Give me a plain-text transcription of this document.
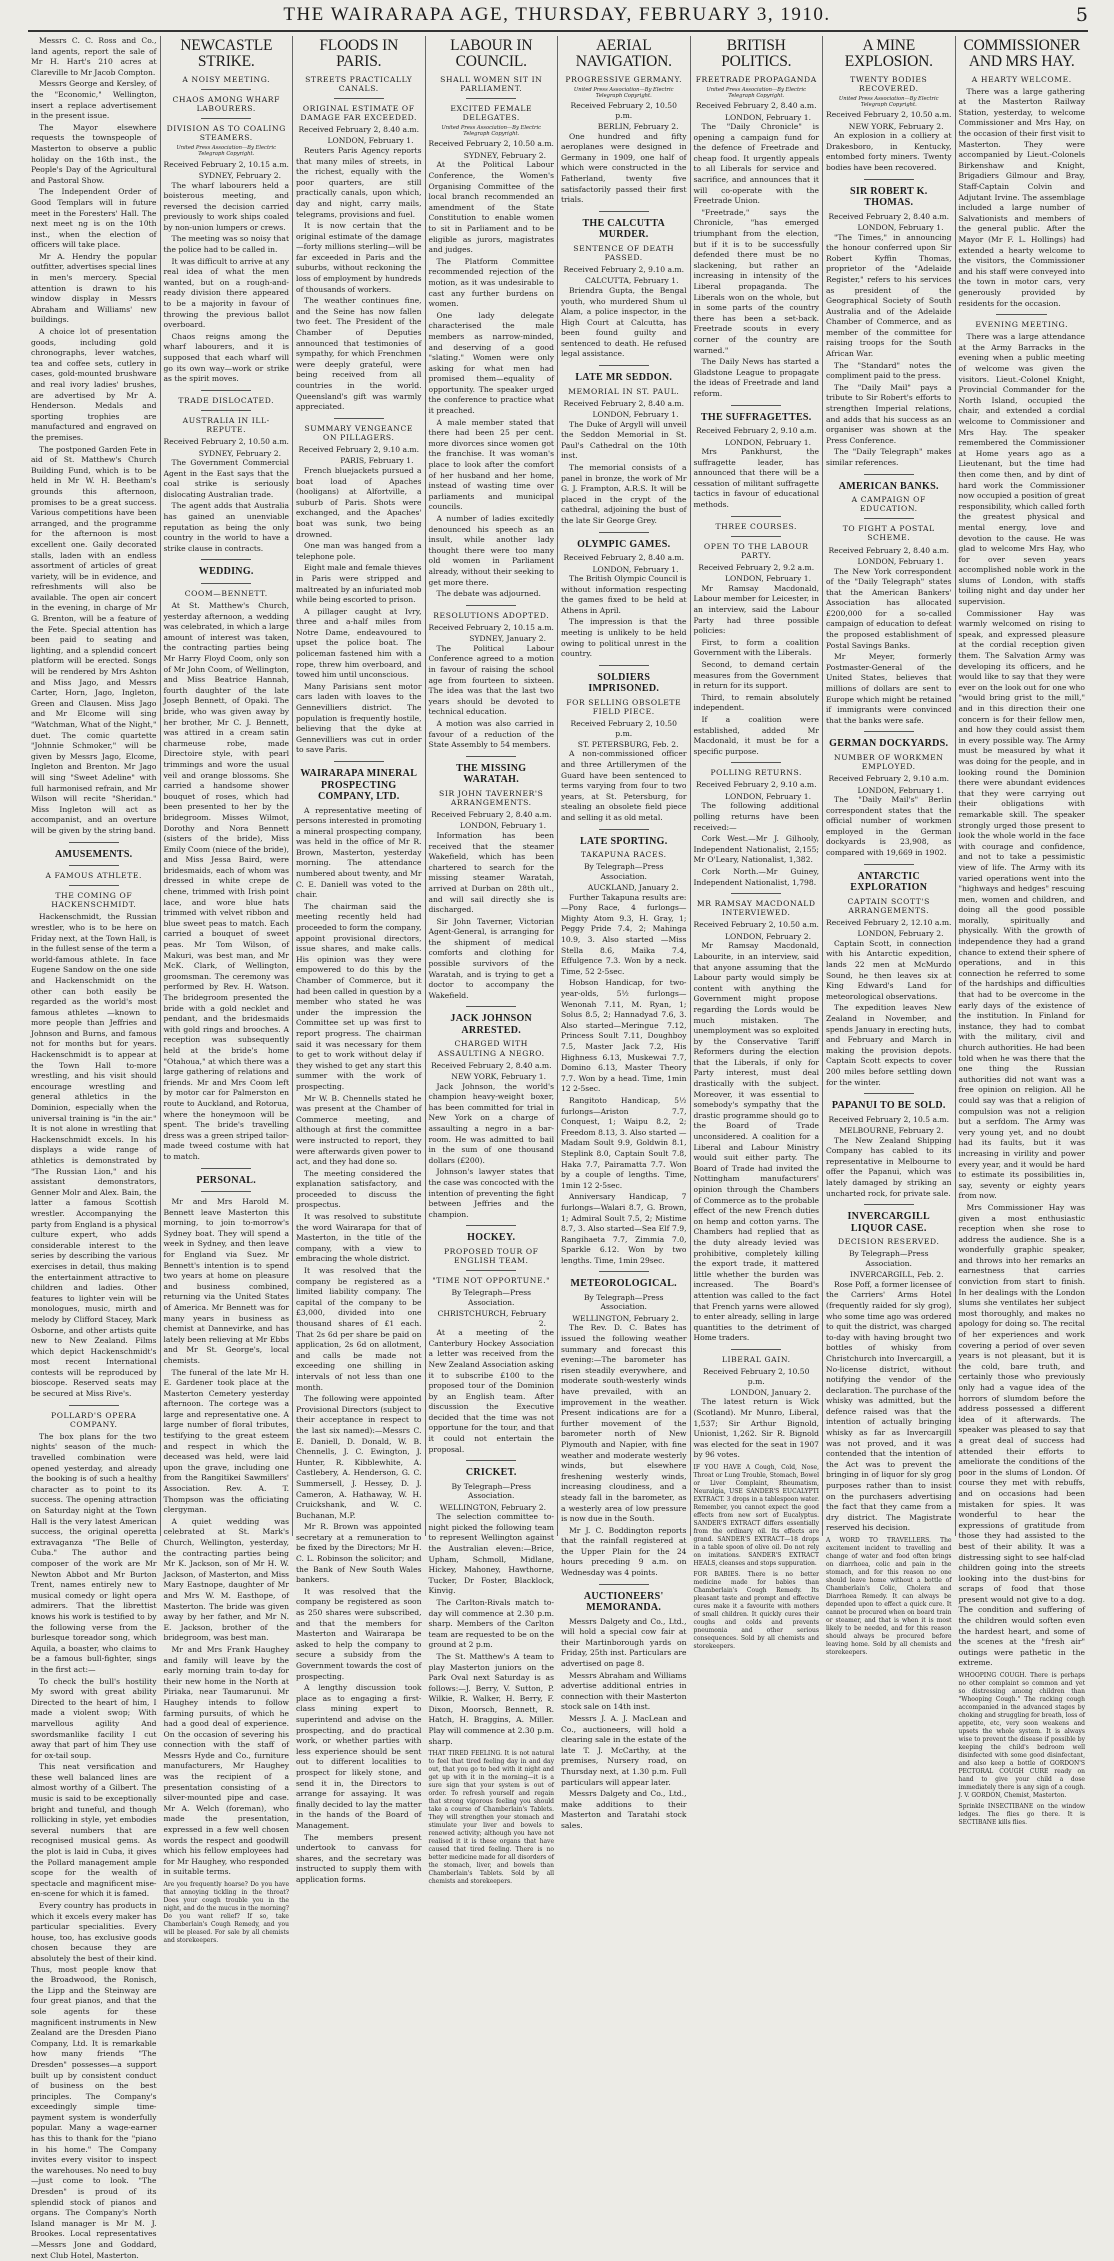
THE WAIRARAPA AGE, THURSDAY, FEBRUARY 3, 1910.	5

Messrs C. C. Ross and Co., land agents, report the sale of Mr H. Hart's 210 acres at Clareville to Mr Jacob Compton.

Messrs George and Kersley, of the "Economic," Wellington, insert a replace advertisement in the present issue.

The Mayor elsewhere requests the townspeople of Masterton to observe a public holiday on the 16th inst., the People's Day of the Agricultural and Pastoral Show.

The Independent Order of Good Templars will in future meet in the Foresters' Hall. The next meet ng is on the 10th inst., when the election of officers will take place.

Mr A. Hendry the popular outfitter, advertises special lines in men's mercery. Special attention is drawn to his window display in Messrs Abraham and Williams' new buildings.

A choice lot of presentation goods, including gold chronographs, lever watches, tea and coffee sets, cutlery in cases, gold-mounted brushware and real ivory ladies' brushes, are advertised by Mr A. Henderson. Medals and sporting trophies are manufactured and engraved on the premises.

The postponed Garden Fete in aid of St. Matthew's Church Building Fund, which is to be held in Mr W. H. Beetham's grounds this afternoon, promises to be a great success. Various competitions have been arranged, and the programme for the afternoon is most excellent one. Gaily decorated stalls, laden with an endless assortment of articles of great variety, will be in evidence, and refreshments will also be available. The open air concert in the evening, in charge of Mr G. Brenton, will be a feature of the Fete. Special attention has been paid to seating and lighting, and a splendid concert platform will be erected. Songs will be rendered by Mrs Ashton and Miss Jago, and Messrs Carter, Horn, Jago, Ingleton, Green and Clausen. Miss Jago and Mr Elcome will sing "Watchman, What of the Night," duet. The comic quartette "Johnnie Schmoker," will be given by Messrs Jago, Elcome, Ingleton and Brenton. Mr Jago will sing "Sweet Adeline" with full harmonised refrain, and Mr Wilson will recite "Sheridan." Miss Ingleton will act as accompanist, and an overture will be given by the string band.

AMUSEMENTS.
A FAMOUS ATHLETE.
THE COMING OF HACKENSCHMIDT.

Hackenschmidt, the Russian wrestler, who is to be here on Friday next, at the Town Hall, is in the fullest sense of the term a world-famous athlete. In face Eugene Sandow on the one side and Hackenschmidt on the other can both easily be regarded as the world's most famous athletes —known to more people than Jeffries and Johnson and Burns, and famous not for months but for years. Hackenschmidt is to appear at the Town Hall to-more wrestling, and his visit should encourage wrestling and general athletics in the Dominion, especially when the universal training is "in the air." It is not alone in wrestling that Hackenschmidt excels. In his displays a wide range of athletics is demonstrated by "The Russian Lion," and his assistant demonstrators, Genner Molr and Alex. Bain, the latter a famous Scottish wrestler. Accompanying the party from England is a physical culture expert, who adds considerable interest to the series by describing the various exercises in detail, thus making the entertainment attractive to children and ladies. Other features to lighter vein will be monologues, music, mirth and melody by Clifford Stacey, Mark Osborne, and other artists quite new to New Zealand. Films which depict Hackenschmidt's most recent International contests will be reproduced by bioscope. Reserved seats may be secured at Miss Rive's.

POLLARD'S OPERA COMPANY.

The box plans for the two nights' season of the much-travelled combination were opened yesterday, and already the booking is of such a healthy character as to point to its success. The opening attraction on Saturday night at the Town Hall is the very latest American success, the original operetta extravaganza "The Belle of Cuba." The author and composer of the work are Mr Newton Abbot and Mr Burton Trent, names entirely new to musical comedy or light opera admirers. That the librettist knows his work is testified to by the following verse from the burlesque toreador song, which Aquila, a boaster, who claims to be a famous bull-fighter, sings in the first act:—

To check the bull's hostility My sword with great ability Directed to the heart of him, I made a violent swop; With marvellous agility And swordsmanlike facility I cut away that part of him They use for ox-tail soup.

This neat versification and these well balanced lines are almost worthy of a Gilbert. The music is said to be exceptionally bright and tuneful, and though rollicking in style, yet embodies several numbers that are recognised musical gems. As the plot is laid in Cuba, it gives the Pollard management ample scope for the wealth of spectacle and magnificent mise-en-scene for which it is famed.

Every country has products in which it excels every maker has particular specialities. Every house, too, has exclusive goods chosen because they are absolutely the best of their kind. Thus, most people know that the Broadwood, the Ronisch, the Lipp and the Steinway are four great pianos, and that the sole agents for these magnificent instruments in New Zealand are the Dresden Piano Company, Ltd. It is remarkable how many friends "The Dresden" possesses—a support built up by consistent conduct of business on the best principles. The Company's exceedingly simple time-payment system is wonderfully popular. Many a wage-earner has this to thank for the "piano in his home." The Company invites every visitor to inspect the warehouses. No need to buy—just come to look. "The Dresden" is proud of its splendid stock of pianos and organs. The Company's North Island manager is Mr M. J. Brookes. Local representatives—Messrs Jone and Goddard, next Club Hotel, Masterton.

NEWCASTLE STRIKE.
A NOISY MEETING.
CHAOS AMONG WHARF LABOURERS.
DIVISION AS TO COALING STEAMERS.
United Press Association—By Electric Telegraph Copyright.
Received February 2, 10.15 a.m.
SYDNEY, February 2.

The wharf labourers held a boisterous meeting, and reversed the decision carried previously to work ships coaled by non-union lumpers or crews.

The meeting was so noisy that the police had to be called in.

It was difficult to arrive at any real idea of what the men wanted, but on a rough-and-ready division there appeared to be a majority in favour of throwing the previous ballot overboard.

Chaos reigns among the wharf labourers, and it is supposed that each wharf will go its own way—work or strike as the spirit moves.

TRADE DISLOCATED.
AUSTRALIA IN ILL-REPUTE.
Received February 2, 10.50 a.m.
SYDNEY, February 2.

The Government Commercial Agent in the East says that the coal strike is seriously dislocating Australian trade.

The agent adds that Australia has gained an unenviable reputation as being the only country in the world to have a strike clause in contracts.

WEDDING.
COOM—BENNETT.

At St. Matthew's Church, yesterday afternoon, a wedding was celebrated, in which a large amount of interest was taken, the contracting parties being Mr Harry Floyd Coom, only son of Mr John Coom, of Wellington, and Miss Beatrice Hannah, fourth daughter of the late Joseph Bennett, of Opaki. The bride, who was given away by her brother, Mr C. J. Bennett, was attired in a cream satin charmeuse robe, made Directoire style, with pearl trimmings and wore the usual veil and orange blossoms. She carried a handsome shower bouquet of roses, which had been presented to her by the bridegroom. Misses Wilmot, Dorothy and Nora Bennett (sisters of the bride), Miss Emily Coom (niece of the bride), and Miss Jessa Baird, were bridesmaids, each of whom was dressed in white crepe de chene, trimmed with Irish point lace, and wore blue hats trimmed with velvet ribbon and blue sweet peas to match. Each carried a bouquet of sweet peas. Mr Tom Wilson, of Makuri, was best man, and Mr McK. Clark, of Wellington, groomsman. The ceremony was performed by Rev. H. Watson. The bridegroom presented the bride with a gold necklet and pendant, and the bridesmaids with gold rings and brooches. A reception was subsequently held at the bride's home "Otahoua," at which there was a large gathering of relations and friends. Mr and Mrs Coom left by motor car for Palmerston en route to Auckland, and Rotorua, where the honeymoon will be spent. The bride's travelling dress was a green striped tailor-made tweed costume with hat to match.

PERSONAL.

Mr and Mrs Harold M. Bennett leave Masterton this morning, to join to-morrow's Sydney boat. They will spend a week in Sydney, and then leave for England via Suez. Mr Bennett's intention is to spend two years at home on pleasure and business combined, returning via the United States of America. Mr Bennett was for many years in business as chemist at Dannevirke, and has lately been relieving at Mr Ebbs and Mr St. George's, local chemists.

The funeral of the late Mr H. E. Gardener took place at the Masterton Cemetery yesterday afternoon. The cortege was a large and representative one. A large number of floral tributes, testifying to the great esteem and respect in which the deceased was held, were laid upon the grave, including one from the Rangitikei Sawmillers' Association. Rev. A. T. Thompson was the officiating clergyman.

A quiet wedding was celebrated at St. Mark's Church, Wellington, yesterday, the contracting parties being Mr K. Jackson, son of Mr H. W. Jackson, of Masterton, and Miss Mary Eastnope, daughter of Mr and Mrs W. M. Easthope, of Masterton. The bride was given away by her father, and Mr N. E. Jackson, brother of the bridegroom, was best man.

Mr and Mrs Frank Haughey and family will leave by the early morning train to-day for their new home in the North at Piriaka, near Taumarunui. Mr Haughey intends to follow farming pursuits, of which he had a good deal of experience. On the occasion of severing his connection with the staff of Messrs Hyde and Co., furniture manufacturers, Mr Haughey was the recipient of a presentation consisting of a silver-mounted pipe and case. Mr A. Welch (foreman), who made the presentation, expressed in a few well chosen words the respect and goodwill which his fellow employees had for Mr Haughey, who responded in suitable terms.

Are you frequently hoarse? Do you have that annoying tickling in the throat? Does your cough trouble you in the night, and do the mucus in the morning? Do you want relief? If so, take Chamberlain's Cough Remedy, and you will be pleased. For sale by all chemists and storekeepers.
FLOODS IN PARIS.
STREETS PRACTICALLY CANALS.
ORIGINAL ESTIMATE OF DAMAGE FAR EXCEEDED.
Received February 2, 8.40 a.m.
LONDON, February 1.

Reuters Paris Agency reports that many miles of streets, in the richest, equally with the poor quarters, are still practically canals, upon which, day and night, carry mails, telegrams, provisions and fuel.

It is now certain that the original estimate of the damage—forty millions sterling—will be far exceeded in Paris and the suburbs, without reckoning the loss of employment by hundreds of thousands of workers.

The weather continues fine, and the Seine has now fallen two feet. The President of the Chamber of Deputies announced that testimonies of sympathy, for which Frenchmen were deeply grateful, were being received from all countries in the world. Queensland's gift was warmly appreciated.

SUMMARY VENGEANCE ON PILLAGERS.
Received February 2, 9.10 a.m.
PARIS, February 1.

French bluejackets pursued a boat load of Apaches (hooligans) at Alfortville, a suburb of Paris. Shots were exchanged, and the Apaches' boat was sunk, two being drowned.

One man was hanged from a telephone pole.

Eight male and female thieves in Paris were stripped and maltreated by an infuriated mob while being escorted to prison.

A pillager caught at Ivry, three and a-half miles from Notre Dame, endeavoured to upset the police boat. The policeman fastened him with a rope, threw him overboard, and towed him until unconscious.

Many Parisians sent motor cars laden with loaves to the Gennevilliers district. The population is frequently hostile, believing that the dyke at Gennevilliers was cut in order to save Paris.

WAIRARAPA MINERAL PROSPECTING COMPANY, LTD.

A representative meeting of persons interested in promoting a mineral prospecting company, was held in the office of Mr R. Brown, Masterton, yesterday morning. The attendance numbered about twenty, and Mr C. E. Daniell was voted to the chair.

The chairman said the meeting recently held had proceeded to form the company, appoint provisional directors, issue shares, and make calls. His opinion was they were empowered to do this by the Chamber of Commerce, but it had been called in question by a member who stated he was under the impression the Committee set up was first to report progress. The chairman said it was necessary for them to get to work without delay if they wished to get any start this summer with the work of prospecting.

Mr W. B. Chennells stated he was present at the Chamber of Commerce meeting, and although at first the committee were instructed to report, they were afterwards given power to act, and they had done so.

The meeting considered the explanation satisfactory, and proceeded to discuss the prospectus.

It was resolved to substitute the word Wairarapa for that of Masterton, in the title of the company, with a view to embracing the whole district.

It was resolved that the company be registered as a limited liability company. The capital of the company to be £3,000, divided into one thousand shares of £1 each. That 2s 6d per share be paid on application, 2s 6d on allotment, and calls be made not exceeding one shilling in intervals of not less than one month.

The following were appointed Provisional Directors (subject to their acceptance in respect to the last six named):—Messrs C. E. Daniell, D. Donald, W. B. Chennells, J. C. Ewington, J. Hunter, R. Kibblewhite, A. Castlebery, A. Henderson, G. C. Summersell, J. Hessey, D. J. Cameron, A. Hathaway, W. H. Cruickshank, and W. C. Buchanan, M.P.

Mr R. Brown was appointed secretary at a remuneration to be fixed by the Directors; Mr H. C. L. Robinson the solicitor; and the Bank of New South Wales bankers.

It was resolved that the company be registered as soon as 250 shares were subscribed, and that the members for Masterton and Wairarapa be asked to help the company to secure a subsidy from the Government towards the cost of prospecting.

A lengthy discussion took place as to engaging a first-class mining expert to superintend and advise on the prospecting, and do practical work, or whether parties with less experience should be sent out to different localities to prospect for likely stone, and send it in, the Directors to arrange for assaying. It was finally decided to lay the matter in the hands of the Board of Management.

The members present undertook to canvass for shares, and the secretary was instructed to supply them with application forms.

LABOUR IN COUNCIL.
SHALL WOMEN SIT IN PARLIAMENT.
EXCITED FEMALE DELEGATES.
United Press Association—By Electric Telegraph Copyright.
Received February 2, 10.50 a.m.
SYDNEY, February 2.

At the Political Labour Conference, the Women's Organising Committee of the local branch recommended an amendment of the State Constitution to enable women to sit in Parliament and to be eligible as jurors, magistrates and judges.

The Platform Committee recommended rejection of the motion, as it was undesirable to cast any further burdens on women.

One lady delegate characterised the male members as narrow-minded, and deserving of a good "slating." Women were only asking for what men had promised them—equality of opportunity. The speaker urged the conference to practice what it preached.

A male member stated that there had been 25 per cent. more divorces since women got the franchise. It was woman's place to look after the comfort of her husband and her home, instead of wasting time over parliaments and municipal councils.

A number of ladies excitedly denounced his speech as an insult, while another lady thought there were too many old women in Parliament already, without their seeking to get more there.

The debate was adjourned.

RESOLUTIONS ADOPTED.
Received February 2, 10.15 a.m.
SYDNEY, January 2.

The Political Labour Conference agreed to a motion in favour of raising the school age from fourteen to sixteen. The idea was that the last two years should be devoted to technical education.

A motion was also carried in favour of a reduction of the State Assembly to 54 members.

THE MISSING WARATAH.
SIR JOHN TAVERNER'S ARRANGEMENTS.
Received February 2, 8.40 a.m.
LONDON, February 1.

Information has been received that the steamer Wakefield, which has been chartered to search for the missing steamer Waratah, arrived at Durban on 28th ult., and will sail directly she is discharged.

Sir John Taverner, Victorian Agent-General, is arranging for the shipment of medical comforts and clothing for possible survivors of the Waratah, and is trying to get a doctor to accompany the Wakefield.

JACK JOHNSON ARRESTED.
CHARGED WITH ASSAULTING A NEGRO.
Received February 2, 8.40 a.m.
NEW YORK, February 1.

Jack Johnson, the world's champion heavy-weight boxer, has been committed for trial in New York on a charge of assaulting a negro in a bar-room. He was admitted to bail in the sum of one thousand dollars (£200).

Johnson's lawyer states that the case was concocted with the intention of preventing the fight between Jeffries and the champion.

HOCKEY.
PROPOSED TOUR OF ENGLISH TEAM.
"TIME NOT OPPORTUNE."
By Telegraph—Press Association.
CHRISTCHURCH, February 2.

At a meeting of the Canterbury Hockey Association a letter was received from the New Zealand Association asking it to subscribe £100 to the proposed tour of the Dominion by an English team. After discussion the Executive decided that the time was not opportune for the tour, and that it could not entertain the proposal.

CRICKET.
By Telegraph—Press Association.
WELLINGTON, February 2.

The selection committee to-night picked the following team to represent Wellington against the Australian eleven:—Brice, Upham, Schmoll, Midlane, Hickey, Mahoney, Hawthorne, Tucker, Dr Foster, Blacklock, Kinvig.

The Carlton-Rivals match to-day will commence at 2.30 p.m. sharp. Members of the Carlton team are requested to be on the ground at 2 p.m.

The St. Matthew's A team to play Masterton juniors on the Park Oval next Saturday is as follows:—J. Berry, V. Sutton, P. Wilkie, R. Walker, H. Berry, F. Dixon, Moorsch, Bennett, R. Hatch, H. Braggins, A. Miller. Play will commence at 2.30 p.m. sharp.

THAT TIRED FEELING. It is not natural to feel that tired feeling day in and day out, that you go to bed with it night and get up with it in the morning—it is a sure sign that your system is out of order. To refresh yourself and regain that strong vigorous feeling you should take a course of Chamberlain's Tablets. They will strengthen your stomach and stimulate your liver and bowels to renewed activity; although you have not realised it it is these organs that have caused that tired feeling. There is no better medicine made for all disorders of the stomach, liver, and bowels than Chamberlain's Tablets. Sold by all chemists and storekeepers.
AERIAL NAVIGATION.
PROGRESSIVE GERMANY.
United Press Association—By Electric Telegraph Copyright.
Received February 2, 10.50 p.m.
BERLIN, February 2.

One hundred and fifty aeroplanes were designed in Germany in 1909, one half of which were constructed in the Fatherland, twenty five satisfactorily passed their first trials.

THE CALCUTTA MURDER.
SENTENCE OF DEATH PASSED.
Received February 2, 9.10 a.m.
CALCUTTA, February 1.

Briendra Gupta, the Bengal youth, who murdered Shum ul Alam, a police inspector, in the High Court at Calcutta, has been found guilty and sentenced to death. He refused legal assistance.

LATE MR SEDDON.
MEMORIAL IN ST. PAUL.
Received February 2, 8.40 a.m.
LONDON, February 1.

The Duke of Argyll will unveil the Seddon Memorial in St. Paul's Cathedral on the 10th inst.

The memorial consists of a panel in bronze, the work of Mr G. J. Frampton, A.R.S. It will be placed in the crypt of the cathedral, adjoining the bust of the late Sir George Grey.

OLYMPIC GAMES.
Received February 2, 8.40 a.m.
LONDON, February 1.

The British Olympic Council is without information respecting the games fixed to be held at Athens in April.

The impression is that the meeting is unlikely to be held owing to political unrest in the country.

SOLDIERS IMPRISONED.
FOR SELLING OBSOLETE FIELD PIECE.
Received February 2, 10.50 p.m.
ST. PETERSBURG, Feb. 2.

A non-commissioned officer and three Artillerymen of the Guard have been sentenced to terms varying from four to two years, at St. Petersburg, for stealing an obsolete field piece and selling it as old metal.

LATE SPORTING.
TAKAPUNA RACES.
By Telegraph—Press Association.
AUCKLAND, January 2.

Further Takapuna results are:—Pony Race, 4 furlongs—Mighty Atom 9.3, H. Gray, 1; Peggy Pride 7.4, 2; Mahinga 10.9, 3. Also started —Miss Stella 8.6, Maika 7.4, Effulgence 7.3. Won by a neck. Time, 52 2-5sec.

Hobson Handicap, for two-year-olds, 5½ furlongs—Wenonah 7.11, M. Ryan, 1; Solus 8.5, 2; Hannadyad 7.6, 3. Also started—Meringue 7.12, Princess Soult 7.11, Doughboy 7.5, Master Jack 7.2, His Highness 6.13, Muskewai 7.7, Domino 6.13, Master Theory 7.7. Won by a head. Time, 1min 12 2-5sec.

Rangitoto Handicap, 5½ furlongs—Ariston 7.7, Conquest, 1; Waipu 8.2, 2; Freedom 8.13, 3. Also started —Madam Soult 9.9, Goldwin 8.1, Steplink 8.0, Captain Soult 7.8, Haka 7.7, Pairamatta 7.7. Won by a couple of lengths. Time, 1min 12 2-5sec.

Anniversary Handicap, 7 furlongs—Walari 8.7, G. Brown, 1; Admiral Soult 7.5, 2; Mistime 8.7, 3. Also started—Sea Elf 7.9, Rangihaeta 7.7, Zimmia 7.0, Sparkle 6.12. Won by two lengths. Time, 1min 29sec.

METEOROLOGICAL.
By Telegraph—Press Association.
WELLINGTON, February 2.

The Rev. D. C. Bates has issued the following weather summary and forecast this evening:—The barometer has risen steadily everywhere, and moderate south-westerly winds have prevailed, with an improvement in the weather. Present indications are for a further movement of the barometer north of New Plymouth and Napier, with fine weather and moderate westerly winds, but elsewhere freshening westerly winds, increasing cloudiness, and a steady fall in the barometer, as a westerly area of low pressure is now due in the South.

Mr J. C. Boddington reports that the rainfall registered at the Upper Plain for the 24 hours preceding 9 a.m. on Wednesday was 4 points.

AUCTIONEERS' MEMORANDA.

Messrs Dalgety and Co., Ltd., will hold a special cow fair at their Martinborough yards on Friday, 25th inst. Particulars are advertised on page 8.

Messrs Abraham and Williams advertise additional entries in connection with their Masterton stock sale on 14th inst.

Messrs J. A. J. MacLean and Co., auctioneers, will hold a clearing sale in the estate of the late T. J. McCarthy, at the premises, Nursery road, on Thursday next, at 1.30 p.m. Full particulars will appear later.

Messrs Dalgety and Co., Ltd., make additions to their Masterton and Taratahi stock sales.

BRITISH POLITICS.
FREETRADE PROPAGANDA
United Press Association—By Electric Telegraph Copyright.
Received February 2, 8.40 a.m.
LONDON, February 1.

The "Daily Chronicle" is opening a campaign fund for the defence of Freetrade and cheap food. It urgently appeals to all Liberals for service and sacrifice, and announces that it will co-operate with the Freetrade Union.

"Freetrade," says the Chronicle, "has emerged triumphant from the election, but if it is to be successfully defended there must be no slackening, but rather an increasing in intensity of the Liberal propaganda. The Liberals won on the whole, but in some parts of the country there has been a set-back. Freetrade scouts in every corner of the country are warned."

The Daily News has started a Gladstone League to propagate the ideas of Freetrade and land reform.

THE SUFFRAGETTES.
Received February 2, 9.10 a.m.
LONDON, February 1.

Mrs Pankhurst, the suffragette leader, has announced that there will be a cessation of militant suffragette tactics in favour of educational methods.

THREE COURSES.
OPEN TO THE LABOUR PARTY.
Received February 2, 9.2 a.m.
LONDON, February 1.

Mr Ramsay Macdonald, Labour member for Leicester, in an interview, said the Labour Party had three possible policies:

First, to form a coalition Government with the Liberals.

Second, to demand certain measures from the Government in return for its support.

Third, to remain absolutely independent.

If a coalition were established, added Mr Macdonald, it must be for a specific purpose.

POLLING RETURNS.
Received February 2, 9.10 a.m.
LONDON, February 1.

The following additional polling returns have been received:—

Cork West.—Mr J. Gilhooly, Independent Nationalist, 2,155; Mr O'Leary, Nationalist, 1,382.

Cork North.—Mr Guiney, Independent Nationalist, 1,798.

MR RAMSAY MACDONALD INTERVIEWED.
Received February 2, 10.50 a.m.
LONDON, February 2.

Mr Ramsay Macdonald, Labourite, in an interview, said that anyone assuming that the Labour party would simply be content with anything the Government might propose regarding the Lords would be much mistaken. The unemployment was so exploited by the Conservative Tariff Reformers during the election that the Liberals, if only for Party interest, must deal drastically with the subject. Moreover, it was essential to somebody's sympathy that the drastic programme should go to the Board of Trade unconsidered. A coalition for a Liberal and Labour Ministry would suit either party. The Board of Trade had invited the Nottingham manufacturers' opinion through the Chambers of Commerce as to the probable effect of the new French duties on hemp and cotton yarns. The Chambers had replied that as the duty already levied was prohibitive, completely killing the export trade, it mattered little whether the burden was increased. The Board's attention was called to the fact that French yarns were allowed to enter already, selling in large quantities to the detriment of Home traders.

LIBERAL GAIN.
Received February 2, 10.50 p.m.
LONDON, January 2.

The latest return is Wick (Scotland). Mr Munro, Liberal, 1,537; Sir Arthur Bignold, Unionist, 1,262. Sir R. Bignold was elected for the seat in 1907 by 96 votes.

IF YOU HAVE A Cough, Cold, Nose, Throat or Lung Trouble, Stomach, Bowel or Liver Complaint, Rheumatism, Neuralgia, USE SANDER'S EUCALYPTI EXTRACT. 3 drops in a tablespoon water. Remember, you cannot expect the good effects from new sort of Eucalyptus. SANDER'S EXTRACT differs essentially from the ordinary oil. Its effects are grand. SANDER'S EXTRACT—18 drops in a table spoon of olive oil. Do not rely on imitations. SANDER'S EXTRACT HEALS, cleanses and stops suppuration.
FOR BABIES. There is no better medicine made for babies than Chamberlain's Cough Remedy. Its pleasant taste and prompt and effective cures make it a favourite with mothers of small children. It quickly cures their coughs and colds and prevents pneumonia and other serious consequences. Sold by all chemists and storekeepers.
A MINE EXPLOSION.
TWENTY BODIES RECOVERED.
United Press Association—By Electric Telegraph Copyright.
Received February 2, 10.50 a.m.
NEW YORK, February 2.

An explosion in a colliery at Drakesboro, in Kentucky, entombed forty miners. Twenty bodies have been recovered.

SIR ROBERT K. THOMAS.
Received February 2, 8.40 a.m.
LONDON, February 1.

"The Times," in announcing the honour conferred upon Sir Robert Kyffin Thomas, proprietor of the "Adelaide Register," refers to his services as president of the Geographical Society of South Australia and of the Adelaide Chamber of Commerce, and as member of the committee for raising troops for the South African War.

The "Standard" notes the compliment paid to the press.

The "Daily Mail" pays a tribute to Sir Robert's efforts to strengthen Imperial relations, and adds that his success as an organiser was shown at the Press Conference.

The "Daily Telegraph" makes similar references.

AMERICAN BANKS.
A CAMPAIGN OF EDUCATION.
TO FIGHT A POSTAL SCHEME.
Received February 2, 8.40 a.m.
LONDON, February 1.

The New York correspondent of the "Daily Telegraph" states that the American Bankers' Association has allocated £200,000 for a so-called campaign of education to defeat the proposed establishment of Postal Savings Banks.

Mr Meyer, formerly Postmaster-General of the United States, believes that millions of dollars are sent to Europe which might be retained if immigrants were convinced that the banks were safe.

GERMAN DOCKYARDS.
NUMBER OF WORKMEN EMPLOYED.
Received February 2, 9.10 a.m.
LONDON, February 1.

The "Daily Mail's" Berlin correspondent states that the official number of workmen employed in the German dockyards is 23,908, as compared with 19,669 in 1902.

ANTARCTIC EXPLORATION
CAPTAIN SCOTT'S ARRANGEMENTS.
Received February 2, 12.10 a.m.
LONDON, February 2.

Captain Scott, in connection with his Antarctic expedition, lands 22 men at McMurdo Sound, he then leaves six at King Edward's Land for meteorological observations.

The expedition leaves New Zealand in November, and spends January in erecting huts, and February and March in making the provision depots. Captain Scott expects to cover 200 miles before settling down for the winter.

PAPANUI TO BE SOLD.
Received February 2, 10.5 a.m.
MELBOURNE, February 2.

The New Zealand Shipping Company has cabled to its representative in Melbourne to offer the Papanui, which was lately damaged by striking an uncharted rock, for private sale.

INVERCARGILL LIQUOR CASE.
DECISION RESERVED.
By Telegraph—Press Association.
INVERCARGILL, Feb. 2.

Rose Poff, a former licensee of the Carriers' Arms Hotel (frequently raided for sly grog), who some time ago was ordered to quit the district, was charged to-day with having brought two bottles of whisky from Christchurch into Invercargill, a No-license district, without notifying the vendor of the declaration. The purchase of the whisky was admitted, but the defence raised was that the intention of actually bringing whisky as far as Invercargill was not proved, and it was contended that the intention of the Act was to prevent the bringing in of liquor for sly grog purposes rather than to insist on the purchasers advertising the fact that they came from a dry district. The Magistrate reserved his decision.

A WORD TO TRAVELLERS. The excitement incident to travelling and change of water and food often brings on diarrhoea, colic and pain in the stomach, and for this reason no one should leave home without a bottle of Chamberlain's Colic, Cholera and Diarrhoea Remedy. It can always be depended upon to effect a quick cure. It cannot be procured when on board train or steamer, and that is when it is most likely to be needed, and for this reason should always be procured before leaving home. Sold by all chemists and storekeepers.
COMMISSIONER AND MRS HAY.
A HEARTY WELCOME.

There was a large gathering at the Masterton Railway Station, yesterday, to welcome Commissioner and Mrs Hay, on the occasion of their first visit to Masterton. They were accompanied by Lieut.-Colonels Birkenshaw and Knight, Brigadiers Gilmour and Bray, Staff-Captain Colvin and Adjutant Irvine. The assemblage included a large number of Salvationists and members of the general public. After the Mayor (Mr F. L. Hollings) had extended a hearty welcome to the visitors, the Commissioner and his staff were conveyed into the town in motor cars, very generously provided by residents for the occasion.

EVENING MEETING.

There was a large attendance at the Army Barracks in the evening when a public meeting of welcome was given the visitors. Lieut.-Colonel Knight, Provincial Commander for the North Island, occupied the chair, and extended a cordial welcome to Commissioner and Mrs Hay. The speaker remembered the Commissioner at Home years ago as a Lieutenant, but the time had then come then, and by dint of hard work the Commissioner now occupied a position of great responsibility, which called forth the greatest physical and mental energy, love and devotion to the cause. He was glad to welcome Mrs Hay, who for over seven years accomplished noble work in the slums of London, with staffs toiling night and day under her supervision.

Commissioner Hay was warmly welcomed on rising to speak, and expressed pleasure at the cordial reception given them. The Salvation Army was developing its officers, and he would like to say that they were ever on the look out for one who "would bring grist to the mill," and in this direction their one concern is for their fellow men, and how they could assist them in every possible way. The Army must be measured by what it was doing for the people, and in looking round the Dominion there were abundant evidences that they were carrying out their obligations with remarkable skill. The speaker strongly urged those present to look the whole world in the face with courage and confidence, and not to take a pessimistic view of life. The Army with its varied operations went into the "highways and hedges" rescuing men, women and children, and doing all the good possible morally, spiritually and physically. With the growth of independence they had a grand chance to extend their sphere of operations, and in this connection he referred to some of the hardships and difficulties that had to be overcome in the early days of the existence of the institution. In Finland for instance, they had to combat with the military, civil and church authorities. He had been told when he was there that the one thing the Russian authorities did not want was a free opinion on religion. All he could say was that a religion of compulsion was not a religion but a serfdom. The Army was very young yet, and no doubt had its faults, but it was increasing in virility and power every year, and it would be hard to estimate its possibilities in, say, seventy or eighty years from now.

Mrs Commissioner Hay was given a most enthusiastic reception when she rose to address the audience. She is a wonderfully graphic speaker, and throws into her remarks an earnestness that carries conviction from start to finish. In her dealings with the London slums she ventilates her subject most thoroughly, and makes no apology for doing so. The recital of her experiences and work covering a period of over seven years is not pleasant, but it is the cold, bare truth, and certainly those who previously only had a vague idea of the horrors of slumdom before the address possessed a different idea of it afterwards. The speaker was pleased to say that a great deal of success had attended their efforts to ameliorate the conditions of the poor in the slums of London. Of course they met with rebuffs, and on occasions had been mistaken for spies. It was wonderful to hear the expressions of gratitude from those they had assisted to the best of their ability. It was a distressing sight to see half-clad children going into the streets looking into the dust-bins for scraps of food that those present would not give to a dog. The condition and suffering of the children would soften even the hardest heart, and some of the scenes at the "fresh air" outings were pathetic in the extreme.

WHOOPING COUGH. There is perhaps no other complaint so common and yet so distressing among children than "Whooping Cough." The racking cough accompanied in the advanced stages by choking and struggling for breath, loss of appetite, etc, very soon weakens and upsets the whole system. It is always wise to prevent the disease if possible by keeping the child's bedroom well disinfected with some good disinfectant, and also keep a bottle of GORDON'S PECTORAL COUGH CURE ready on hand to give your child a dose immediately there is any sign of a cough. J. V. GORDON, Chemist, Masterton.
Sprinkle INSECTIBANE on the window ledges. The flies go there. It is SECTIBANE kills flies.
